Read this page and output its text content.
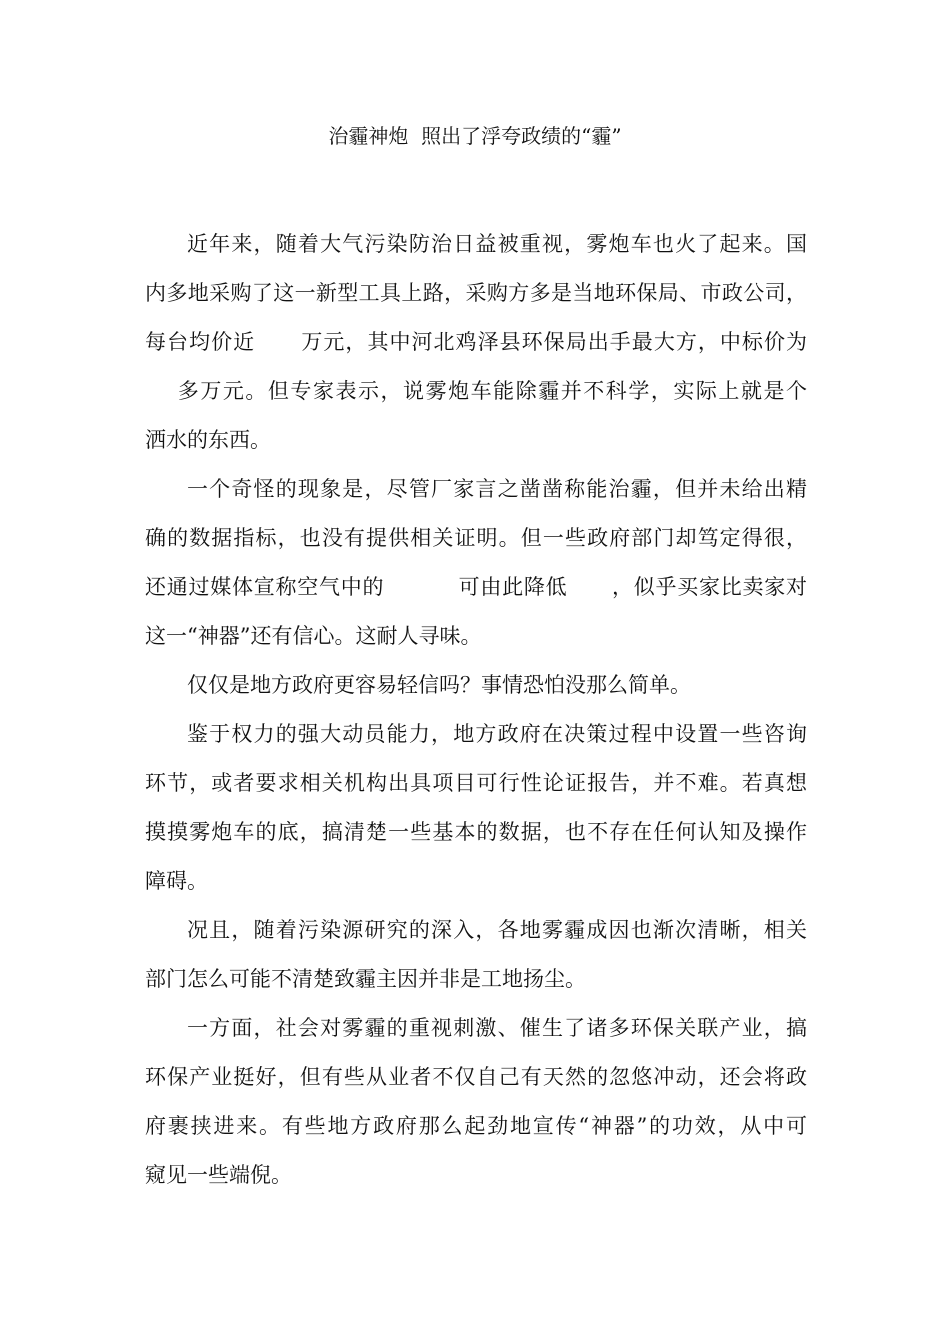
治霾神炮  照出了浮夸政绩的“霾”

近年来，随着大气污染防治日益被重视，雾炮车也火了起来。国
内多地采购了这一新型工具上路，采购方多是当地环保局、市政公司，
每台均价近      万元，其中河北鸡泽县环保局出手最大方，中标价为
多万元。但专家表示，说雾炮车能除霾并不科学，实际上就是个
洒水的东西。

一个奇怪的现象是，尽管厂家言之凿凿称能治霾，但并未给出精
确的数据指标，也没有提供相关证明。但一些政府部门却笃定得很，
还通过媒体宣称空气中的          可由此降低      ，似乎买家比卖家对
这一“神器”还有信心。这耐人寻味。

仅仅是地方政府更容易轻信吗？事情恐怕没那么简单。

鉴于权力的强大动员能力，地方政府在决策过程中设置一些咨询
环节，或者要求相关机构出具项目可行性论证报告，并不难。若真想
摸摸雾炮车的底，搞清楚一些基本的数据，也不存在任何认知及操作
障碍。

况且，随着污染源研究的深入，各地雾霾成因也渐次清晰，相关
部门怎么可能不清楚致霾主因并非是工地扬尘。

一方面，社会对雾霾的重视刺激、催生了诸多环保关联产业，搞
环保产业挺好，但有些从业者不仅自己有天然的忽悠冲动，还会将政
府裹挟进来。有些地方政府那么起劲地宣传“神器”的功效，从中可
窥见一些端倪。
